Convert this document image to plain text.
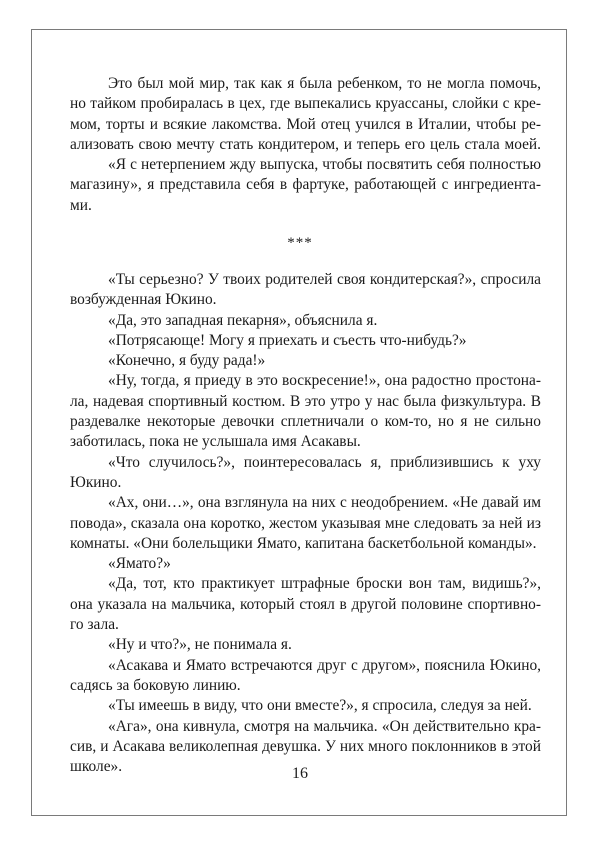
Это был мой мир, так как я была ребенком, то не могла помочь,
но тайком пробиралась в цех, где выпекались круассаны, слойки с кре-
мом, торты и всякие лакомства. Мой отец учился в Италии, чтобы ре-
ализовать свою мечту стать кондитером, и теперь его цель стала моей.
«Я с нетерпением жду выпуска, чтобы посвятить себя полностью
магазину», я представила себя в фартуке, работающей с ингредиента-
ми.
***
«Ты серьезно? У твоих родителей своя кондитерская?», спросила
возбужденная Юкино.
«Да, это западная пекарня», объяснила я.
«Потрясающе! Могу я приехать и съесть что-нибудь?»
«Конечно, я буду рада!»
«Ну, тогда, я приеду в это воскресение!», она радостно простона-
ла, надевая спортивный костюм. В это утро у нас была физкультура. В
раздевалке некоторые девочки сплетничали о ком-то, но я не сильно
заботилась, пока не услышала имя Асакавы.
«Что случилось?», поинтересовалась я, приблизившись к уху
Юкино.
«Ах, они…», она взглянула на них с неодобрением. «Не давай им
повода», сказала она коротко, жестом указывая мне следовать за ней из
комнаты. «Они болельщики Ямато, капитана баскетбольной команды».
«Ямато?»
«Да, тот, кто практикует штрафные броски вон там, видишь?»,
она указала на мальчика, который стоял в другой половине спортивно-
го зала.
«Ну и что?», не понимала я.
«Асакава и Ямато встречаются друг с другом», пояснила Юкино,
садясь за боковую линию.
«Ты имеешь в виду, что они вместе?», я спросила, следуя за ней.
«Ага», она кивнула, смотря на мальчика. «Он действительно кра-
сив, и Асакава великолепная девушка. У них много поклонников в этой
школе».	16
